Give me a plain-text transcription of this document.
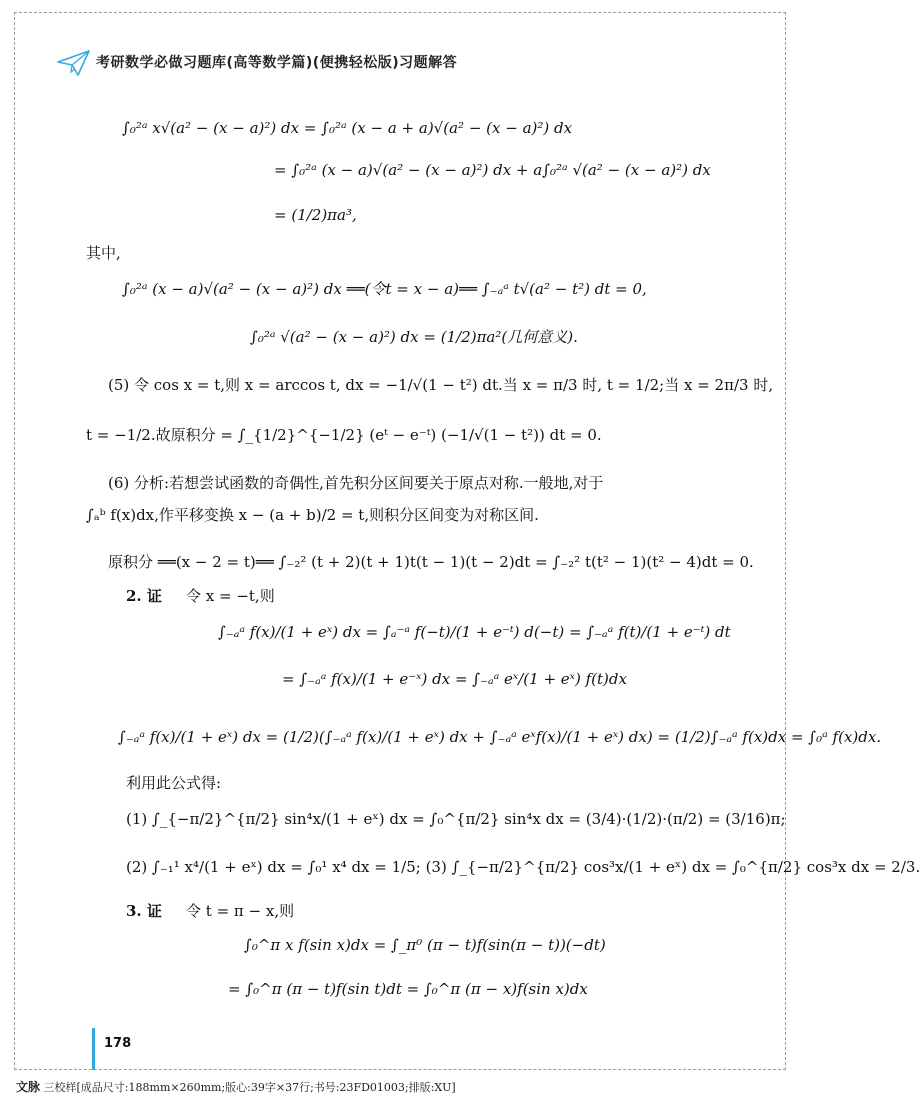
考研数学必做习题库(高等数学篇)(便携轻松版)习题解答
∫₀²ᵃ x√(a² − (x − a)²) dx = ∫₀²ᵃ (x − a + a)√(a² − (x − a)²) dx
= ∫₀²ᵃ (x − a)√(a² − (x − a)²) dx + a∫₀²ᵃ √(a² − (x − a)²) dx
= (1/2)πa³,
其中,
∫₀²ᵃ (x − a)√(a² − (x − a)²) dx ══(令t = x − a)══ ∫₋ₐᵃ t√(a² − t²) dt = 0,
∫₀²ᵃ √(a² − (x − a)²) dx = (1/2)πa²(几何意义).
(5) 令 cos x = t,则 x = arccos t, dx = −1/√(1 − t²) dt.当 x = π/3 时, t = 1/2;当 x = 2π/3 时,
t = −1/2.故原积分 = ∫_{1/2}^{−1/2} (eᵗ − e⁻ᵗ) (−1/√(1 − t²)) dt = 0.
(6) 分析:若想尝试函数的奇偶性,首先积分区间要关于原点对称.一般地,对于
∫ₐᵇ f(x)dx,作平移变换 x − (a + b)/2 = t,则积分区间变为对称区间.
原积分 ══(x − 2 = t)══ ∫₋₂² (t + 2)(t + 1)t(t − 1)(t − 2)dt = ∫₋₂² t(t² − 1)(t² − 4)dt = 0.
2. 证 令 x = −t,则
∫₋ₐᵃ f(x)/(1 + eˣ) dx = ∫ₐ⁻ᵃ f(−t)/(1 + e⁻ᵗ) d(−t) = ∫₋ₐᵃ f(t)/(1 + e⁻ᵗ) dt
= ∫₋ₐᵃ f(x)/(1 + e⁻ˣ) dx = ∫₋ₐᵃ eˣ/(1 + eˣ) f(t)dx
∫₋ₐᵃ f(x)/(1 + eˣ) dx = (1/2)(∫₋ₐᵃ f(x)/(1 + eˣ) dx + ∫₋ₐᵃ eˣf(x)/(1 + eˣ) dx) = (1/2)∫₋ₐᵃ f(x)dx = ∫₀ᵃ f(x)dx.
利用此公式得:
(1) ∫_{−π/2}^{π/2} sin⁴x/(1 + eˣ) dx = ∫₀^{π/2} sin⁴x dx = (3/4)·(1/2)·(π/2) = (3/16)π;
(2) ∫₋₁¹ x⁴/(1 + eˣ) dx = ∫₀¹ x⁴ dx = 1/5; (3) ∫_{−π/2}^{π/2} cos³x/(1 + eˣ) dx = ∫₀^{π/2} cos³x dx = 2/3.
3. 证 令 t = π − x,则
∫₀^π x f(sin x)dx = ∫_π⁰ (π − t)f(sin(π − t))(−dt)
= ∫₀^π (π − t)f(sin t)dt = ∫₀^π (π − x)f(sin x)dx
178
文脉 三校样[成品尺寸:188mm×260mm;版心:39字×37行;书号:23FD01003;排版:XU]
